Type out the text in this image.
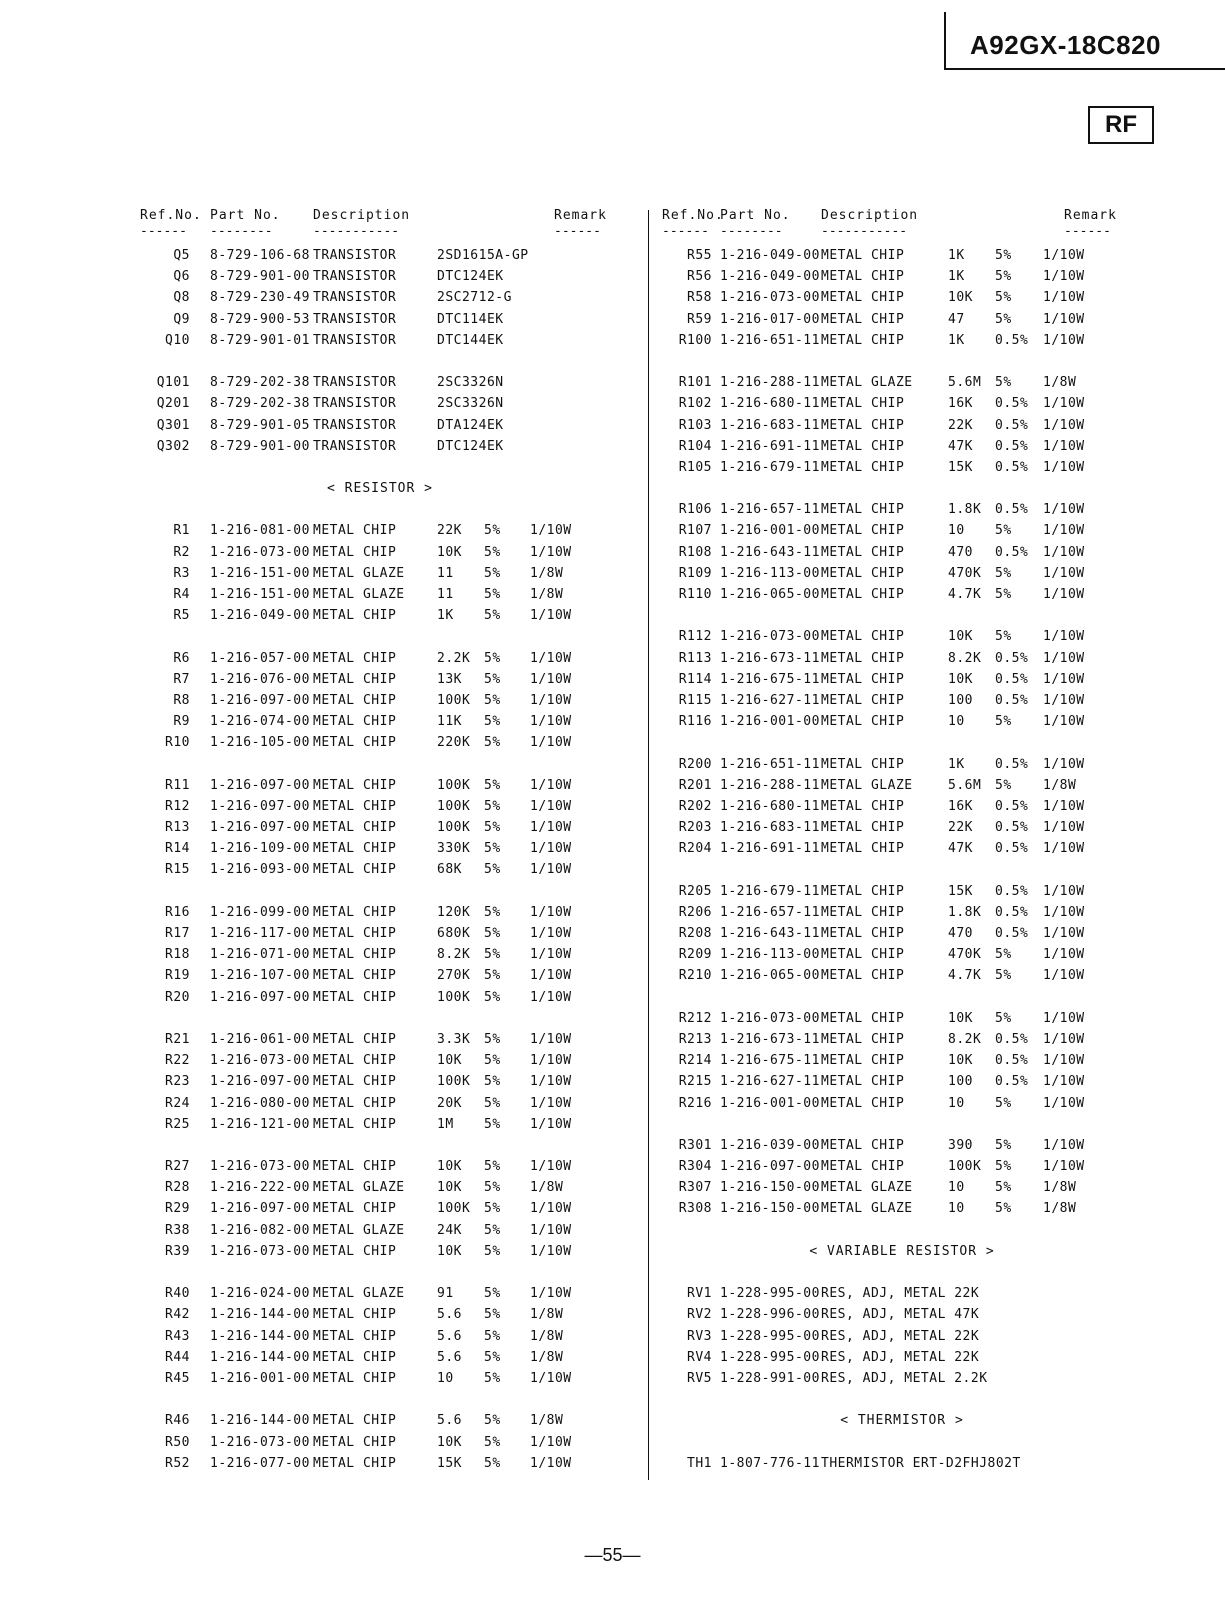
A92GX-18C820
RF
Ref.No. Part No. Description	Remark
------ --------	-----------	------
Q5 8-729-106-68 TRANSISTOR	2SD1615A-GP
Q6 8-729-901-00 TRANSISTOR	DTC124EK
Q8 8-729-230-49 TRANSISTOR	2SC2712-G
Q9 8-729-900-53 TRANSISTOR	DTC114EK
Q10 8-729-901-01 TRANSISTOR	DTC144EK
Q101 8-729-202-38 TRANSISTOR	2SC3326N
Q201 8-729-202-38 TRANSISTOR	2SC3326N
Q301 8-729-901-05 TRANSISTOR	DTA124EK
Q302 8-729-901-00 TRANSISTOR	DTC124EK
< RESISTOR >
R1 1-216-081-00 METAL CHIP	22K 5% 1/10W
R2 1-216-073-00 METAL CHIP	10K 5% 1/10W
R3 1-216-151-00 METAL GLAZE 11 5% 1/8W
R4 1-216-151-00 METAL GLAZE 11 5% 1/8W
R5 1-216-049-00 METAL CHIP	1K 5% 1/10W
R6 1-216-057-00 METAL CHIP	2.2K 5% 1/10W
R7 1-216-076-00 METAL CHIP	13K 5% 1/10W
R8 1-216-097-00 METAL CHIP	100K 5% 1/10W
R9 1-216-074-00 METAL CHIP	11K 5% 1/10W
R10 1-216-105-00 METAL CHIP	220K 5% 1/10W
R11 1-216-097-00 METAL CHIP	100K 5% 1/10W
R12 1-216-097-00 METAL CHIP	100K 5% 1/10W
R13 1-216-097-00 METAL CHIP	100K 5% 1/10W
R14 1-216-109-00 METAL CHIP	330K 5% 1/10W
R15 1-216-093-00 METAL CHIP	68K 5% 1/10W
R16 1-216-099-00 METAL CHIP	120K 5% 1/10W
R17 1-216-117-00 METAL CHIP	680K 5% 1/10W
R18 1-216-071-00 METAL CHIP	8.2K 5% 1/10W
R19 1-216-107-00 METAL CHIP	270K 5% 1/10W
R20 1-216-097-00 METAL CHIP	100K 5% 1/10W
R21 1-216-061-00 METAL CHIP	3.3K 5% 1/10W
R22 1-216-073-00 METAL CHIP	10K 5% 1/10W
R23 1-216-097-00 METAL CHIP	100K 5% 1/10W
R24 1-216-080-00 METAL CHIP	20K 5% 1/10W
R25 1-216-121-00 METAL CHIP	1M 5% 1/10W
R27 1-216-073-00 METAL CHIP	10K 5% 1/10W
R28 1-216-222-00 METAL GLAZE 10K 5% 1/8W
R29 1-216-097-00 METAL CHIP	100K 5% 1/10W
R38 1-216-082-00 METAL GLAZE 24K 5% 1/10W
R39 1-216-073-00 METAL CHIP	10K 5% 1/10W
R40 1-216-024-00 METAL GLAZE 91 5% 1/10W
R42 1-216-144-00 METAL CHIP	5.6 5% 1/8W
R43 1-216-144-00 METAL CHIP	5.6 5% 1/8W
R44 1-216-144-00 METAL CHIP	5.6 5% 1/8W
R45 1-216-001-00 METAL CHIP	10 5% 1/10W
R46 1-216-144-00 METAL CHIP	5.6 5% 1/8W
R50 1-216-073-00 METAL CHIP	10K 5% 1/10W
R52 1-216-077-00 METAL CHIP	15K 5% 1/10W
Ref.No.
Part No. Description	Remark
------ --------	-----------	------
R55 1-216-049-00 METAL CHIP	1K 5% 1/10W
R56 1-216-049-00 METAL CHIP	1K 5% 1/10W
R58 1-216-073-00 METAL CHIP	10K 5% 1/10W
R59 1-216-017-00 METAL CHIP	47 5% 1/10W
R100 1-216-651-11 METAL CHIP	1K 0.5% 1/10W
R101 1-216-288-11 METAL GLAZE	5.6M 5% 1/8W
R102 1-216-680-11 METAL CHIP	16K 0.5% 1/10W
R103 1-216-683-11 METAL CHIP	22K 0.5% 1/10W
R104 1-216-691-11 METAL CHIP	47K 0.5% 1/10W
R105 1-216-679-11 METAL CHIP	15K 0.5% 1/10W
R106 1-216-657-11 METAL CHIP	1.8K 0.5% 1/10W
R107 1-216-001-00 METAL CHIP	10 5% 1/10W
R108 1-216-643-11 METAL CHIP	470 0.5% 1/10W
R109 1-216-113-00 METAL CHIP	470K 5% 1/10W
R110 1-216-065-00 METAL CHIP	4.7K 5% 1/10W
R112 1-216-073-00 METAL CHIP	10K 5% 1/10W
R113 1-216-673-11 METAL CHIP	8.2K 0.5% 1/10W
R114 1-216-675-11 METAL CHIP	10K 0.5% 1/10W
R115 1-216-627-11 METAL CHIP	100 0.5% 1/10W
R116 1-216-001-00 METAL CHIP	10 5% 1/10W
R200 1-216-651-11 METAL CHIP	1K 0.5% 1/10W
R201 1-216-288-11 METAL GLAZE	5.6M 5% 1/8W
R202 1-216-680-11 METAL CHIP	16K 0.5% 1/10W
R203 1-216-683-11 METAL CHIP	22K 0.5% 1/10W
R204 1-216-691-11 METAL CHIP	47K 0.5% 1/10W
R205 1-216-679-11 METAL CHIP	15K 0.5% 1/10W
R206 1-216-657-11 METAL CHIP	1.8K 0.5% 1/10W
R208 1-216-643-11 METAL CHIP	470 0.5% 1/10W
R209 1-216-113-00 METAL CHIP	470K 5% 1/10W
R210 1-216-065-00 METAL CHIP	4.7K 5% 1/10W
R212 1-216-073-00 METAL CHIP	10K 5% 1/10W
R213 1-216-673-11 METAL CHIP	8.2K 0.5% 1/10W
R214 1-216-675-11 METAL CHIP	10K 0.5% 1/10W
R215 1-216-627-11 METAL CHIP	100 0.5% 1/10W
R216 1-216-001-00 METAL CHIP	10 5% 1/10W
R301 1-216-039-00 METAL CHIP	390 5% 1/10W
R304 1-216-097-00 METAL CHIP	100K 5% 1/10W
R307 1-216-150-00 METAL GLAZE	10 5% 1/8W
R308 1-216-150-00 METAL GLAZE	10 5% 1/8W
< VARIABLE RESISTOR >
RV1 1-228-995-00 RES, ADJ, METAL 22K
RV2 1-228-996-00 RES, ADJ, METAL 47K
RV3 1-228-995-00 RES, ADJ, METAL 22K
RV4 1-228-995-00 RES, ADJ, METAL 22K
RV5 1-228-991-00 RES, ADJ, METAL 2.2K
< THERMISTOR >
TH1 1-807-776-11 THERMISTOR ERT-D2FHJ802T
—55—
